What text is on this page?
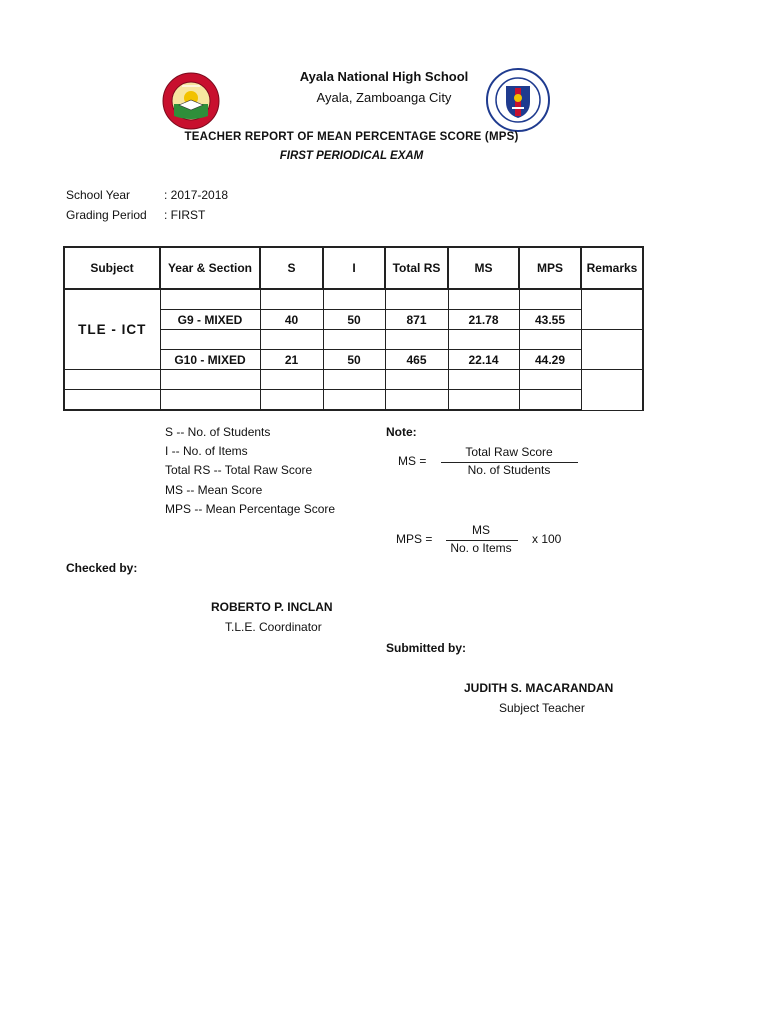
Ayala National High School
Ayala, Zamboanga City
TEACHER REPORT OF MEAN PERCENTAGE SCORE (MPS)
FIRST PERIODICAL EXAM
School Year	: 2017-2018
Grading Period : FIRST
Subject	Year & Section	S	I	Total RS	MS	MPS	Remarks
TLE - ICT							
	G9 - MIXED	40	50	871	21.78	43.55	

	G10 - MIXED	21	50	465	22.14	44.29	

S -- No. of Students
I -- No. of Items
Total RS -- Total Raw Score
MS -- Mean Score
MPS -- Mean Percentage Score
Note:
MS =
Total Raw Score
No. of Students
MPS =
MS
No. o Items
x 100
Checked by:
ROBERTO P. INCLAN
T.L.E. Coordinator
Submitted by:
JUDITH S. MACARANDAN
Subject Teacher
